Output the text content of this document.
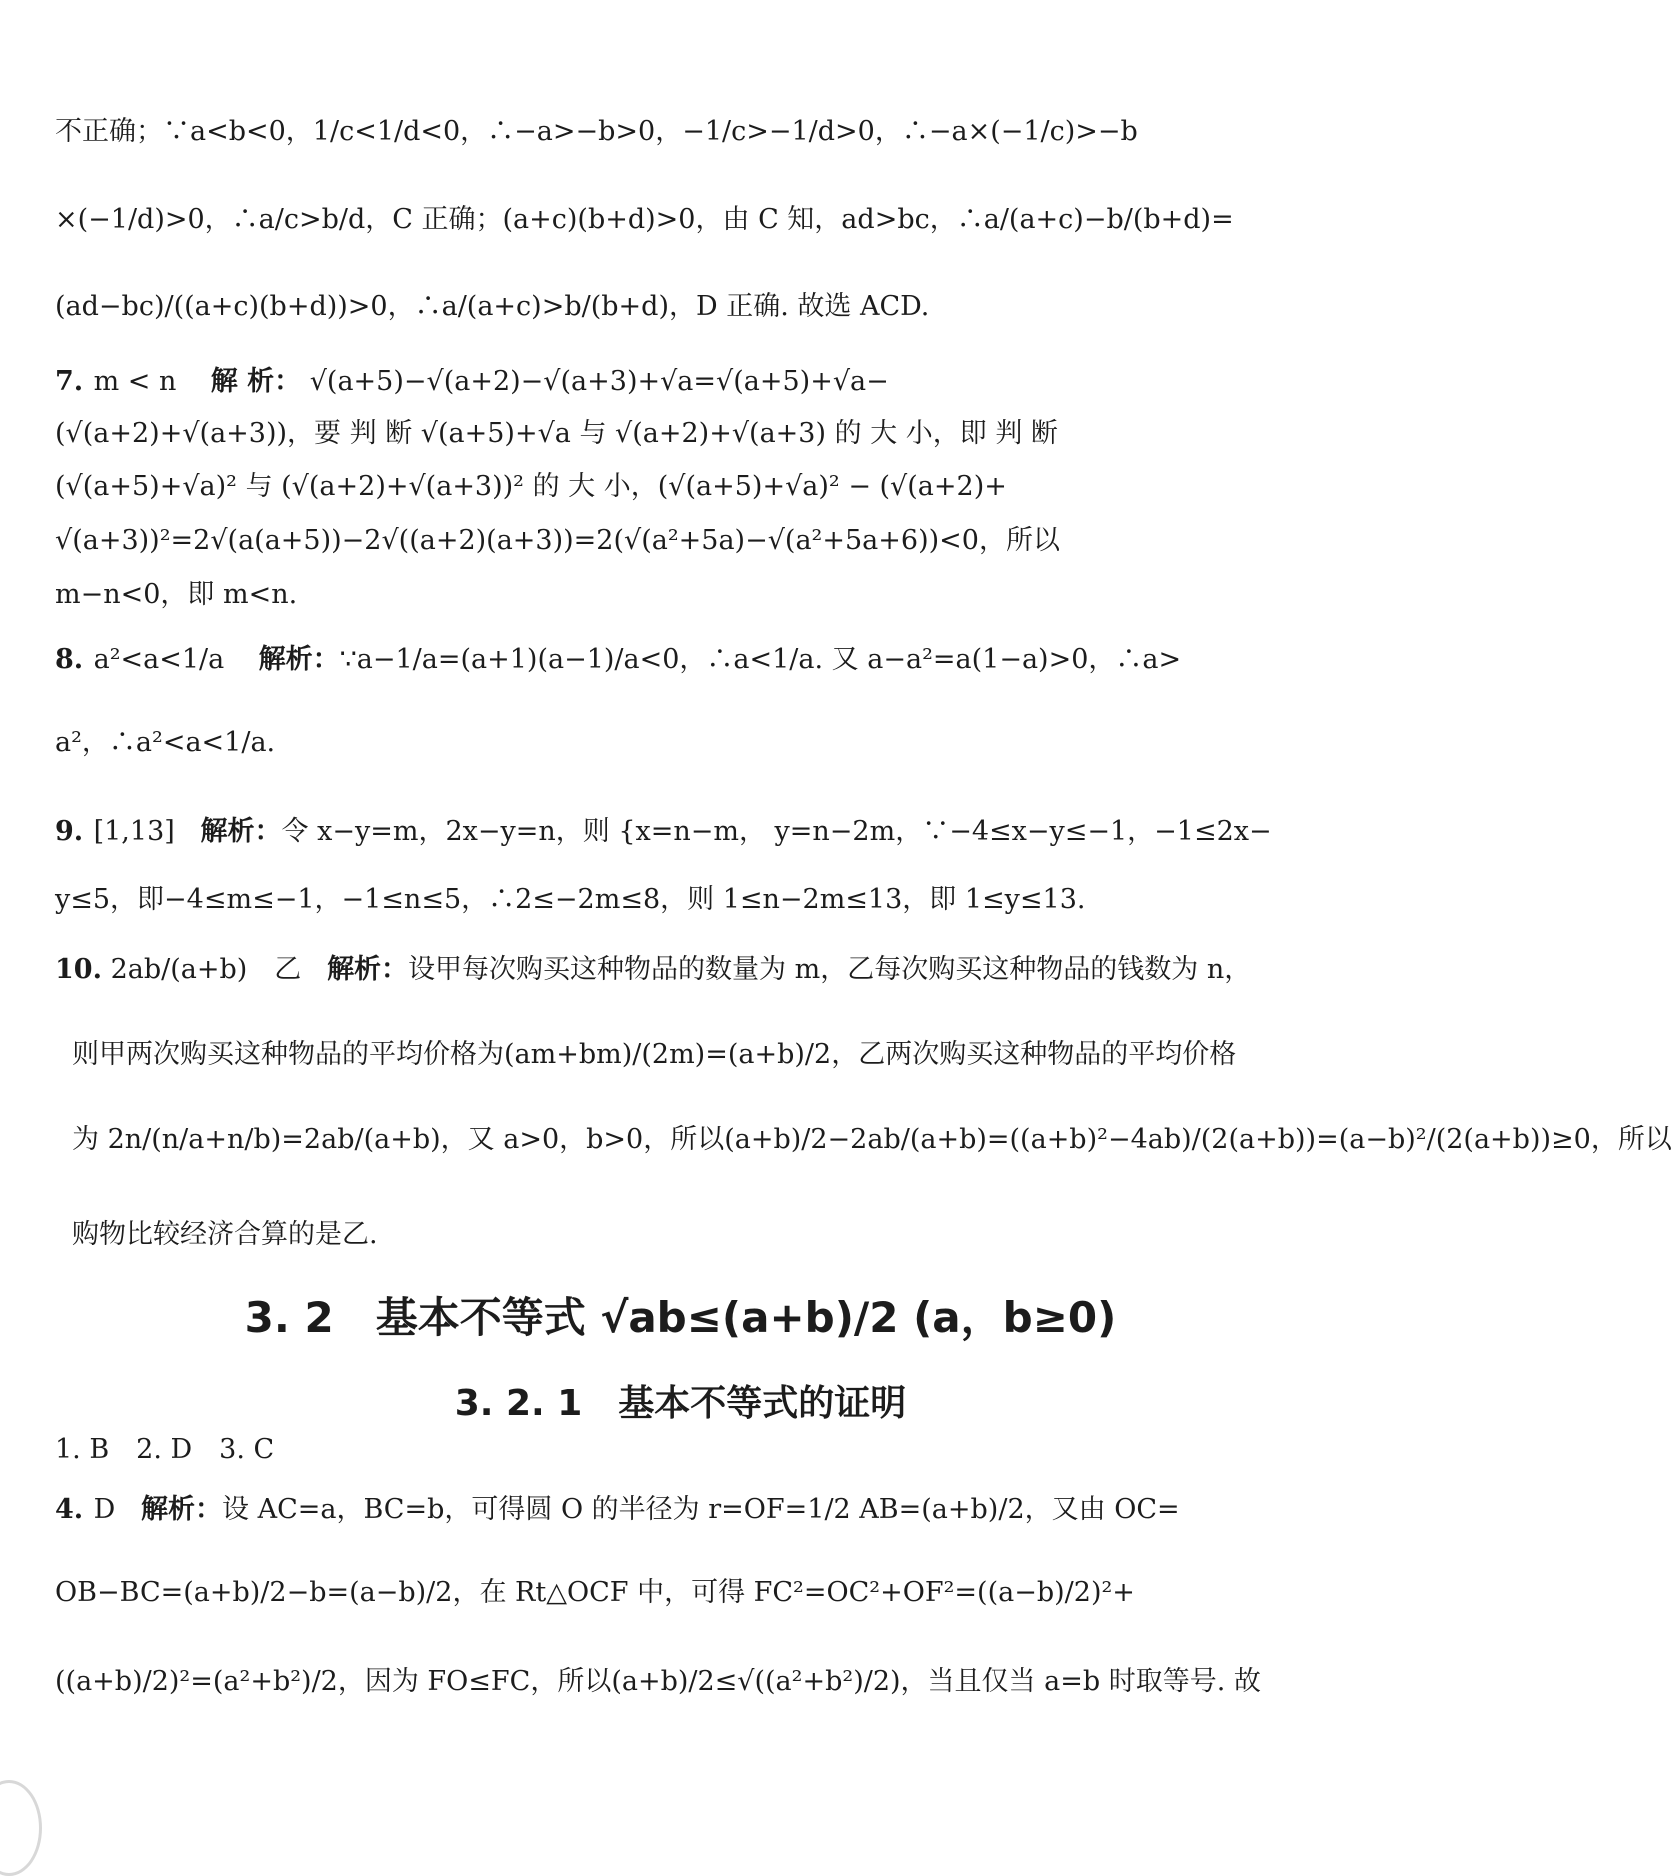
不正确；∵a<b<0，1/c<1/d<0，∴−a>−b>0，−1/c>−1/d>0，∴−a×(−1/c)>−b
×(−1/d)>0，∴a/c>b/d，C 正确；(a+c)(b+d)>0，由 C 知，ad>bc，∴a/(a+c)−b/(b+d)=
(ad−bc)/((a+c)(b+d))>0，∴a/(a+c)>b/(b+d)，D 正确. 故选 ACD.
7. m < n 解 析： √(a+5)−√(a+2)−√(a+3)+√a=√(a+5)+√a−
(√(a+2)+√(a+3))，要 判 断 √(a+5)+√a 与 √(a+2)+√(a+3) 的 大 小，即 判 断
(√(a+5)+√a)² 与 (√(a+2)+√(a+3))² 的 大 小，(√(a+5)+√a)² − (√(a+2)+
√(a+3))²=2√(a(a+5))−2√((a+2)(a+3))=2(√(a²+5a)−√(a²+5a+6))<0，所以
m−n<0，即 m<n.
8. a²<a<1/a 解析：∵a−1/a=(a+1)(a−1)/a<0，∴a<1/a. 又 a−a²=a(1−a)>0，∴a>
a²，∴a²<a<1/a.
9. [1,13] 解析：令 x−y=m，2x−y=n，则 {x=n−m， y=n−2m，∵−4≤x−y≤−1，−1≤2x−
y≤5，即−4≤m≤−1，−1≤n≤5，∴2≤−2m≤8，则 1≤n−2m≤13，即 1≤y≤13.
10. 2ab/(a+b)　乙 解析：设甲每次购买这种物品的数量为 m，乙每次购买这种物品的钱数为 n，
则甲两次购买这种物品的平均价格为(am+bm)/(2m)=(a+b)/2，乙两次购买这种物品的平均价格
为 2n/(n/a+n/b)=2ab/(a+b)，又 a>0，b>0，所以(a+b)/2−2ab/(a+b)=((a+b)²−4ab)/(2(a+b))=(a−b)²/(2(a+b))≥0，所以
购物比较经济合算的是乙.
3. 2　基本不等式 √ab≤(a+b)/2 (a，b≥0)
3. 2. 1　基本不等式的证明
1. B　2. D　3. C
4. D 解析：设 AC=a，BC=b，可得圆 O 的半径为 r=OF=1/2 AB=(a+b)/2，又由 OC=
OB−BC=(a+b)/2−b=(a−b)/2，在 Rt△OCF 中，可得 FC²=OC²+OF²=((a−b)/2)²+
((a+b)/2)²=(a²+b²)/2，因为 FO≤FC，所以(a+b)/2≤√((a²+b²)/2)，当且仅当 a=b 时取等号. 故
